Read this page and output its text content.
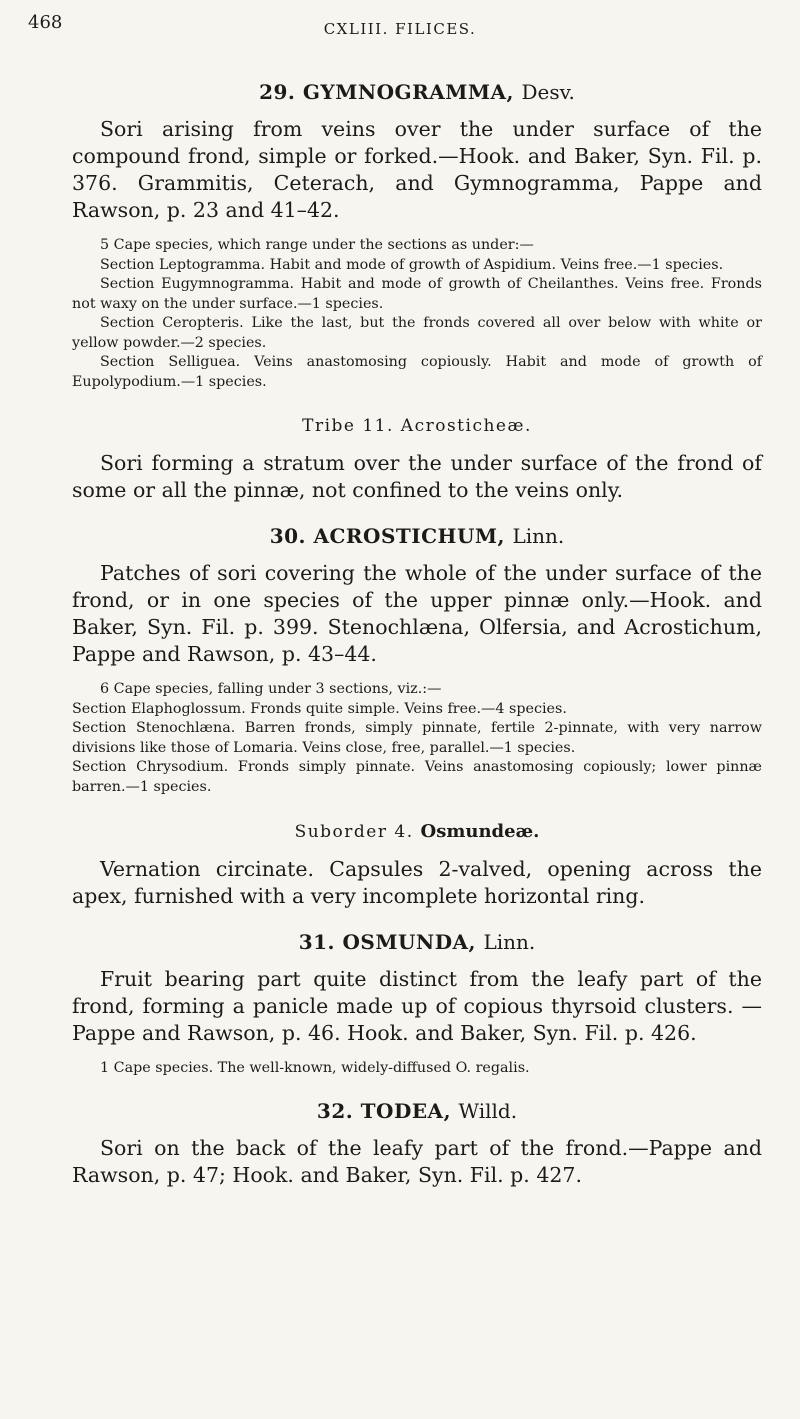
468	CXLIII. FILICES.
29. GYMNOGRAMMA, Desv.

Sori arising from veins over the under surface of the compound frond, simple or forked.—Hook. and Baker, Syn. Fil. p. 376. Grammitis, Ceterach, and Gymnogramma, Pappe and Rawson, p. 23 and 41–42.

5 Cape species, which range under the sections as under:—
Section Leptogramma. Habit and mode of growth of Aspidium. Veins free.—1 species.
Section Eugymnogramma. Habit and mode of growth of Cheilanthes. Veins free. Fronds not waxy on the under surface.—1 species.
Section Ceropteris. Like the last, but the fronds covered all over below with white or yellow powder.—2 species.
Section Selliguea. Veins anastomosing copiously. Habit and mode of growth of Eupolypodium.—1 species.
Tribe 11. Acrosticheæ.

Sori forming a stratum over the under surface of the frond of some or all the pinnæ, not confined to the veins only.

30. ACROSTICHUM, Linn.

Patches of sori covering the whole of the under surface of the frond, or in one species of the upper pinnæ only.—Hook. and Baker, Syn. Fil. p. 399. Stenochlæna, Olfersia, and Acrostichum, Pappe and Rawson, p. 43–44.

6 Cape species, falling under 3 sections, viz.:—
Section Elaphoglossum. Fronds quite simple. Veins free.—4 species.
Section Stenochlæna. Barren fronds, simply pinnate, fertile 2-pinnate, with very narrow divisions like those of Lomaria. Veins close, free, parallel.—1 species.
Section Chrysodium. Fronds simply pinnate. Veins anastomosing copiously; lower pinnæ barren.—1 species.
Suborder 4. Osmundeæ.

Vernation circinate. Capsules 2-valved, opening across the apex, furnished with a very incomplete horizontal ring.

31. OSMUNDA, Linn.

Fruit bearing part quite distinct from the leafy part of the frond, forming a panicle made up of copious thyrsoid clusters. —Pappe and Rawson, p. 46. Hook. and Baker, Syn. Fil. p. 426.

1 Cape species. The well-known, widely-diffused O. regalis.
32. TODEA, Willd.

Sori on the back of the leafy part of the frond.—Pappe and Rawson, p. 47; Hook. and Baker, Syn. Fil. p. 427.
